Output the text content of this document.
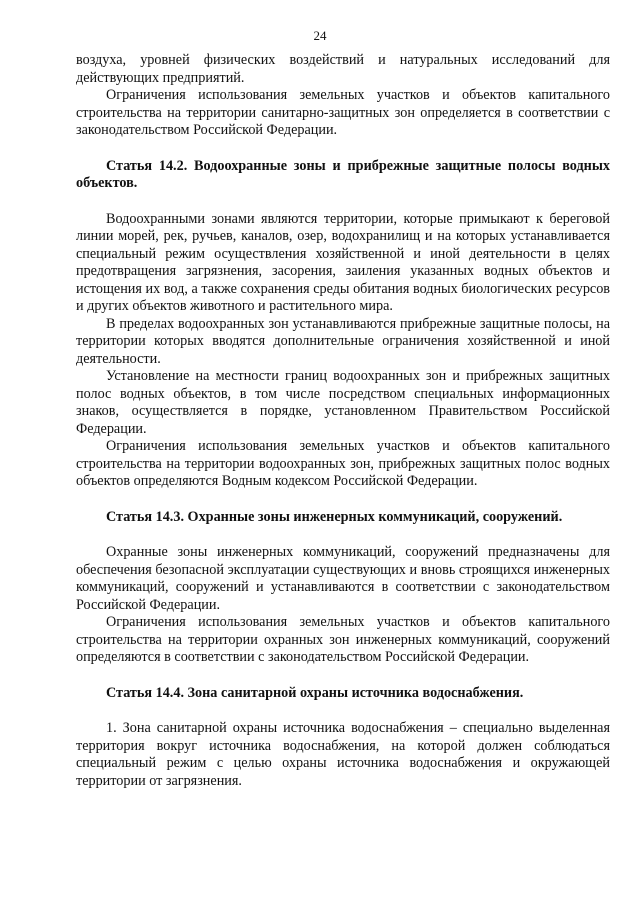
24

воздуха, уровней физических воздействий и натуральных исследований для действующих предприятий.

Ограничения использования земельных участков и объектов капитального строительства на территории санитарно-защитных зон определяется в соответствии с законодательством Российской Федерации.

Статья 14.2. Водоохранные зоны и прибрежные защитные полосы водных объектов.

Водоохранными зонами являются территории, которые примыкают к береговой линии морей, рек, ручьев, каналов, озер, водохранилищ и на которых устанавливается специальный режим осуществления хозяйственной и иной деятельности в целях предотвращения загрязнения, засорения, заиления указанных водных объектов и истощения их вод, а также сохранения среды обитания водных биологических ресурсов и других объектов животного и растительного мира.

В пределах водоохранных зон устанавливаются прибрежные защитные полосы, на территории которых вводятся дополнительные ограничения хозяйственной и иной деятельности.

Установление на местности границ водоохранных зон и прибрежных защитных полос водных объектов, в том числе посредством специальных информационных знаков, осуществляется в порядке, установленном Правительством Российской Федерации.

Ограничения использования земельных участков и объектов капитального строительства на территории водоохранных зон, прибрежных защитных полос водных объектов определяются Водным кодексом Российской Федерации.

Статья 14.3. Охранные зоны инженерных коммуникаций, сооружений.

Охранные зоны инженерных коммуникаций, сооружений предназначены для обеспечения безопасной эксплуатации существующих и вновь строящихся инженерных коммуникаций, сооружений и устанавливаются в соответствии с законодательством Российской Федерации.

Ограничения использования земельных участков и объектов капитального строительства на территории охранных зон инженерных коммуникаций, сооружений определяются в соответствии с законодательством Российской Федерации.

Статья 14.4. Зона санитарной охраны источника водоснабжения.

1. Зона санитарной охраны источника водоснабжения – специально выделенная территория вокруг источника водоснабжения, на которой должен соблюдаться специальный режим с целью охраны источника водоснабжения и окружающей территории от загрязнения.
